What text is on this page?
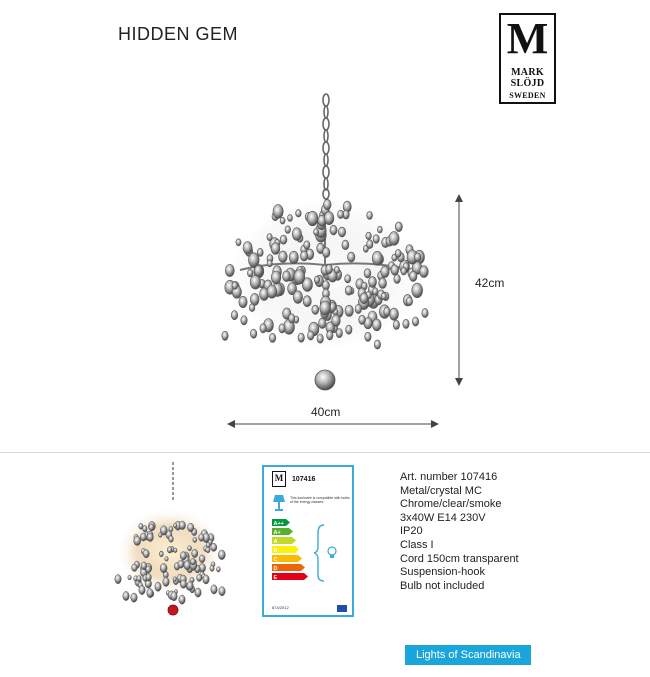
HIDDEN GEM	M
MARK
SLÖJD
SWEDEN
42cm
40cm
M	107416
This luminaire is compatible with bulbs of the energy classes:
A++
A+
A
B
C
D
E
874/2012
Art. number 107416
Metal/crystal MC
Chrome/clear/smoke
3x40W E14 230V
IP20
Class I
Cord 150cm transparent
Suspension-hook
Bulb not included
Lights of Scandinavia
